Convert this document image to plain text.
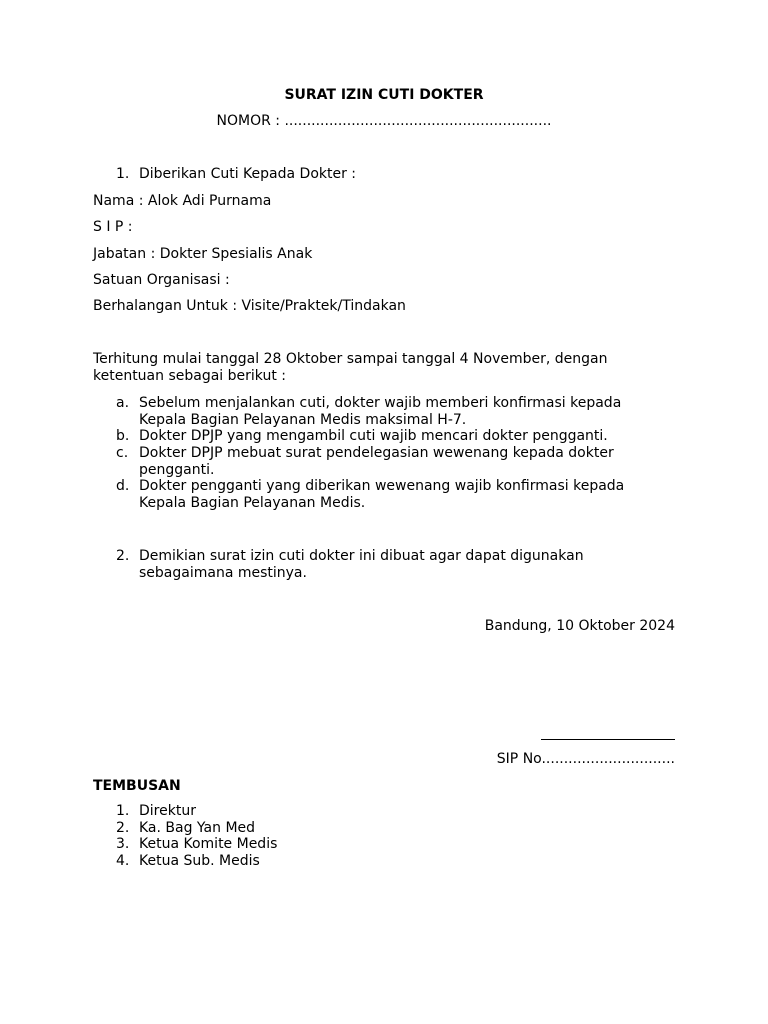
SURAT IZIN CUTI DOKTER
NOMOR : ............................................................
1. Diberikan Cuti Kepada Dokter :
Nama : Alok Adi Purnama
S I P :
Jabatan : Dokter Spesialis Anak
Satuan Organisasi :
Berhalangan Untuk : Visite/Praktek/Tindakan
Terhitung mulai tanggal 28 Oktober sampai tanggal 4 November, dengan
ketentuan sebagai berikut :
a. Sebelum menjalankan cuti, dokter wajib memberi konfirmasi kepada
Kepala Bagian Pelayanan Medis maksimal H-7.
b. Dokter DPJP yang mengambil cuti wajib mencari dokter pengganti.
c. Dokter DPJP mebuat surat pendelegasian wewenang kepada dokter
pengganti.
d. Dokter pengganti yang diberikan wewenang wajib konfirmasi kepada
Kepala Bagian Pelayanan Medis.
2. Demikian surat izin cuti dokter ini dibuat agar dapat digunakan
sebagaimana mestinya.
Bandung, 10 Oktober 2024
SIP No..............................
TEMBUSAN
1. Direktur
2. Ka. Bag Yan Med
3. Ketua Komite Medis
4. Ketua Sub. Medis
